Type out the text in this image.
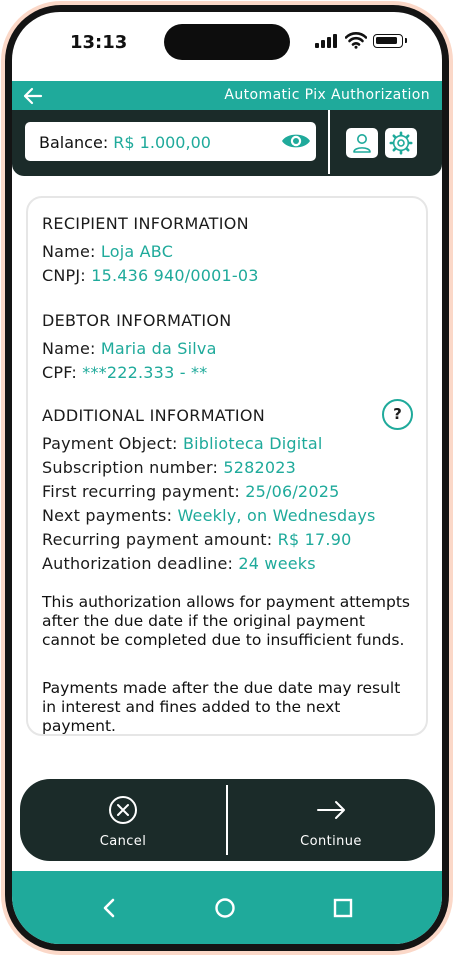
13:13
Automatic Pix Authorization
Balance: R$ 1.000,00
RECIPIENT INFORMATION
Name: Loja ABC
CNPJ: 15.436 940/0001-03
DEBTOR INFORMATION
Name: Maria da Silva
CPF: ***222.333 - **
ADDITIONAL INFORMATION	?
Payment Object: Biblioteca Digital
Subscription number: 5282023
First recurring payment: 25/06/2025
Next payments: Weekly, on Wednesdays
Recurring payment amount: R$ 17.90
Authorization deadline: 24 weeks
This authorization allows for payment attempts after the due date if the original payment cannot be completed due to insufficient funds.
Payments made after the due date may result in interest and fines added to the next payment.
Cancel	Continue
